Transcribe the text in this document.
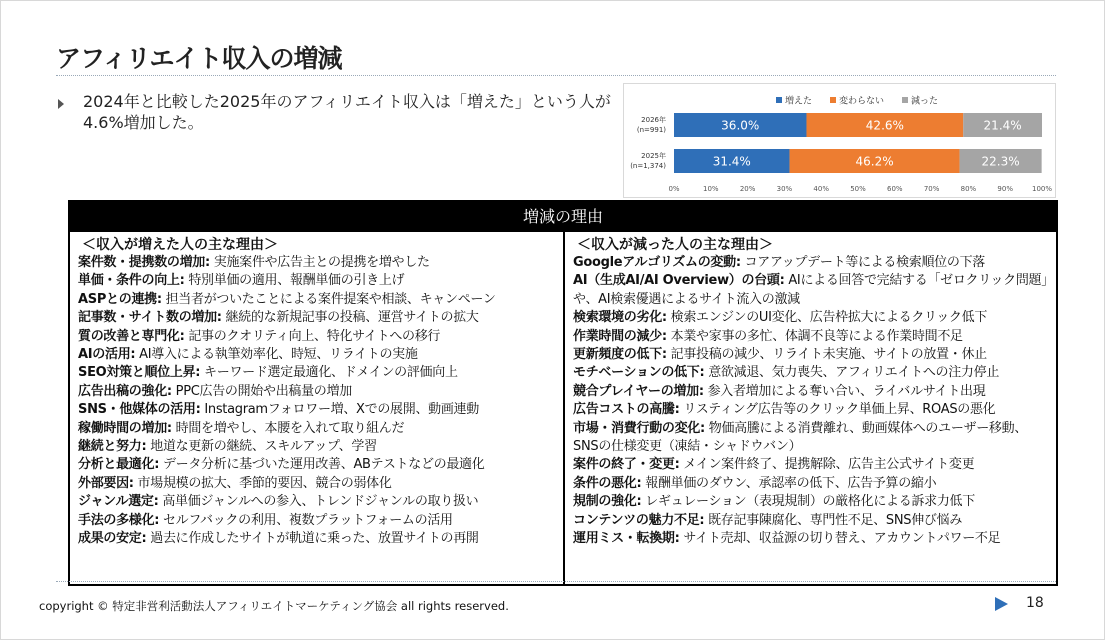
アフィリエイト収入の増減
2024年と比較した2025年のアフィリエイト収入は「増えた」という人が4.6%増加した。
増えた	変わらない	減った
2026年
(n=991)
2025年
(n=1,374)
36.0%	42.6%	21.4%
31.4%	46.2%	22.3%
0%	10%	20%	30%	40%	50%	60%	70%	80%	90%	100%
増減の理由
＜収入が増えた人の主な理由＞
案件数・提携数の増加: 実施案件や広告主との提携を増やした
単価・条件の向上: 特別単価の適用、報酬単価の引き上げ
ASPとの連携: 担当者がついたことによる案件提案や相談、キャンペーン
記事数・サイト数の増加: 継続的な新規記事の投稿、運営サイトの拡大
質の改善と専門化: 記事のクオリティ向上、特化サイトへの移行
AIの活用: AI導入による執筆効率化、時短、リライトの実施
SEO対策と順位上昇: キーワード選定最適化、ドメインの評価向上
広告出稿の強化: PPC広告の開始や出稿量の増加
SNS・他媒体の活用: Instagramフォロワー増、Xでの展開、動画連動
稼働時間の増加: 時間を増やし、本腰を入れて取り組んだ
継続と努力: 地道な更新の継続、スキルアップ、学習
分析と最適化: データ分析に基づいた運用改善、ABテストなどの最適化
外部要因: 市場規模の拡大、季節的要因、競合の弱体化
ジャンル選定: 高単価ジャンルへの参入、トレンドジャンルの取り扱い
手法の多様化: セルフバックの利用、複数プラットフォームの活用
成果の安定: 過去に作成したサイトが軌道に乗った、放置サイトの再開
＜収入が減った人の主な理由＞
Googleアルゴリズムの変動: コアアップデート等による検索順位の下落
AI（生成AI/AI Overview）の台頭: AIによる回答で完結する「ゼロクリック問題」や、AI検索優遇によるサイト流入の激減
検索環境の劣化: 検索エンジンのUI変化、広告枠拡大によるクリック低下
作業時間の減少: 本業や家事の多忙、体調不良等による作業時間不足
更新頻度の低下: 記事投稿の減少、リライト未実施、サイトの放置・休止
モチベーションの低下: 意欲減退、気力喪失、アフィリエイトへの注力停止
競合プレイヤーの増加: 参入者増加による奪い合い、ライバルサイト出現
広告コストの高騰: リスティング広告等のクリック単価上昇、ROASの悪化
市場・消費行動の変化: 物価高騰による消費離れ、動画媒体へのユーザー移動、SNSの仕様変更（凍結・シャドウバン）
案件の終了・変更: メイン案件終了、提携解除、広告主公式サイト変更
条件の悪化: 報酬単価のダウン、承認率の低下、広告予算の縮小
規制の強化: レギュレーション（表現規制）の厳格化による訴求力低下
コンテンツの魅力不足: 既存記事陳腐化、専門性不足、SNS伸び悩み
運用ミス・転換期: サイト売却、収益源の切り替え、アカウントパワー不足
copyright © 特定非営利活動法人アフィリエイトマーケティング協会 all rights reserved.	18
